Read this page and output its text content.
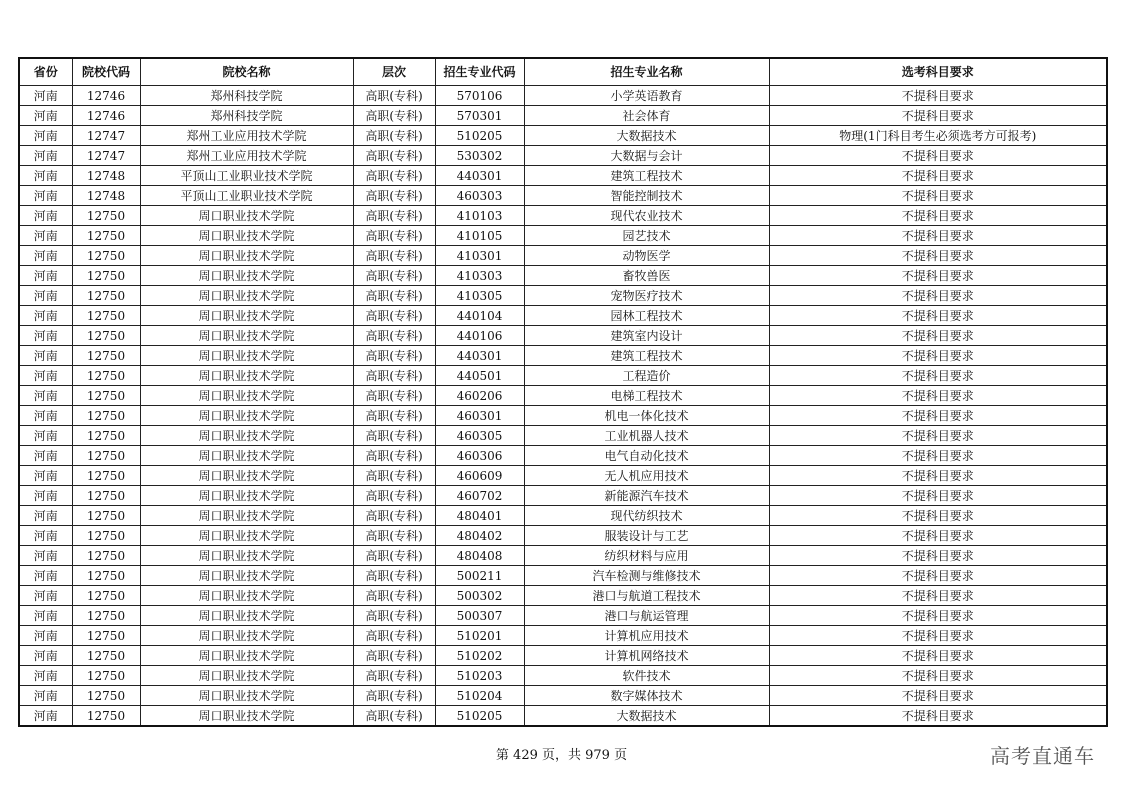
省份	院校代码	院校名称	层次	招生专业代码	招生专业名称	选考科目要求
河南	12746	郑州科技学院	高职(专科)	570106	小学英语教育	不提科目要求
河南	12746	郑州科技学院	高职(专科)	570301	社会体育	不提科目要求
河南	12747	郑州工业应用技术学院	高职(专科)	510205	大数据技术	物理(1门科目考生必须选考方可报考)
河南	12747	郑州工业应用技术学院	高职(专科)	530302	大数据与会计	不提科目要求
河南	12748	平顶山工业职业技术学院	高职(专科)	440301	建筑工程技术	不提科目要求
河南	12748	平顶山工业职业技术学院	高职(专科)	460303	智能控制技术	不提科目要求
河南	12750	周口职业技术学院	高职(专科)	410103	现代农业技术	不提科目要求
河南	12750	周口职业技术学院	高职(专科)	410105	园艺技术	不提科目要求
河南	12750	周口职业技术学院	高职(专科)	410301	动物医学	不提科目要求
河南	12750	周口职业技术学院	高职(专科)	410303	畜牧兽医	不提科目要求
河南	12750	周口职业技术学院	高职(专科)	410305	宠物医疗技术	不提科目要求
河南	12750	周口职业技术学院	高职(专科)	440104	园林工程技术	不提科目要求
河南	12750	周口职业技术学院	高职(专科)	440106	建筑室内设计	不提科目要求
河南	12750	周口职业技术学院	高职(专科)	440301	建筑工程技术	不提科目要求
河南	12750	周口职业技术学院	高职(专科)	440501	工程造价	不提科目要求
河南	12750	周口职业技术学院	高职(专科)	460206	电梯工程技术	不提科目要求
河南	12750	周口职业技术学院	高职(专科)	460301	机电一体化技术	不提科目要求
河南	12750	周口职业技术学院	高职(专科)	460305	工业机器人技术	不提科目要求
河南	12750	周口职业技术学院	高职(专科)	460306	电气自动化技术	不提科目要求
河南	12750	周口职业技术学院	高职(专科)	460609	无人机应用技术	不提科目要求
河南	12750	周口职业技术学院	高职(专科)	460702	新能源汽车技术	不提科目要求
河南	12750	周口职业技术学院	高职(专科)	480401	现代纺织技术	不提科目要求
河南	12750	周口职业技术学院	高职(专科)	480402	服装设计与工艺	不提科目要求
河南	12750	周口职业技术学院	高职(专科)	480408	纺织材料与应用	不提科目要求
河南	12750	周口职业技术学院	高职(专科)	500211	汽车检测与维修技术	不提科目要求
河南	12750	周口职业技术学院	高职(专科)	500302	港口与航道工程技术	不提科目要求
河南	12750	周口职业技术学院	高职(专科)	500307	港口与航运管理	不提科目要求
河南	12750	周口职业技术学院	高职(专科)	510201	计算机应用技术	不提科目要求
河南	12750	周口职业技术学院	高职(专科)	510202	计算机网络技术	不提科目要求
河南	12750	周口职业技术学院	高职(专科)	510203	软件技术	不提科目要求
河南	12750	周口职业技术学院	高职(专科)	510204	数字媒体技术	不提科目要求
河南	12750	周口职业技术学院	高职(专科)	510205	大数据技术	不提科目要求
第 429 页，共 979 页	高考直通车
